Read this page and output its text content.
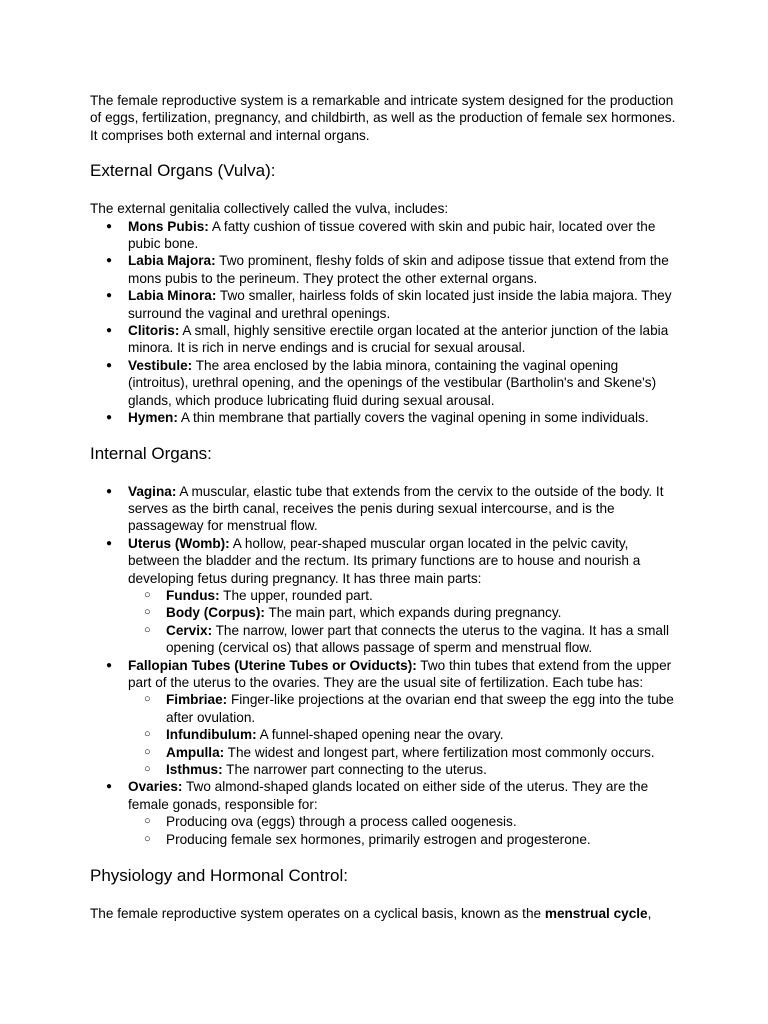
The female reproductive system is a remarkable and intricate system designed for the production of eggs, fertilization, pregnancy, and childbirth, as well as the production of female sex hormones. It comprises both external and internal organs.

External Organs (Vulva):

The external genitalia collectively called the vulva, includes:

● Mons Pubis: A fatty cushion of tissue covered with skin and pubic hair, located over the pubic bone.
● Labia Majora: Two prominent, fleshy folds of skin and adipose tissue that extend from the mons pubis to the perineum. They protect the other external organs.
● Labia Minora: Two smaller, hairless folds of skin located just inside the labia majora. They surround the vaginal and urethral openings.
● Clitoris: A small, highly sensitive erectile organ located at the anterior junction of the labia minora. It is rich in nerve endings and is crucial for sexual arousal.
● Vestibule: The area enclosed by the labia minora, containing the vaginal opening (introitus), urethral opening, and the openings of the vestibular (Bartholin's and Skene's) glands, which produce lubricating fluid during sexual arousal.
● Hymen: A thin membrane that partially covers the vaginal opening in some individuals.
Internal Organs:
● Vagina: A muscular, elastic tube that extends from the cervix to the outside of the body. It serves as the birth canal, receives the penis during sexual intercourse, and is the passageway for menstrual flow.
● Uterus (Womb): A hollow, pear-shaped muscular organ located in the pelvic cavity, between the bladder and the rectum. Its primary functions are to house and nourish a developing fetus during pregnancy. It has three main parts:
○ Fundus: The upper, rounded part.
○ Body (Corpus): The main part, which expands during pregnancy.
○ Cervix: The narrow, lower part that connects the uterus to the vagina. It has a small opening (cervical os) that allows passage of sperm and menstrual flow.
● Fallopian Tubes (Uterine Tubes or Oviducts): Two thin tubes that extend from the upper part of the uterus to the ovaries. They are the usual site of fertilization. Each tube has:
○ Fimbriae: Finger-like projections at the ovarian end that sweep the egg into the tube after ovulation.
○ Infundibulum: A funnel-shaped opening near the ovary.
○ Ampulla: The widest and longest part, where fertilization most commonly occurs.
○ Isthmus: The narrower part connecting to the uterus.
● Ovaries: Two almond-shaped glands located on either side of the uterus. They are the female gonads, responsible for:
○ Producing ova (eggs) through a process called oogenesis.
○ Producing female sex hormones, primarily estrogen and progesterone.
Physiology and Hormonal Control:

The female reproductive system operates on a cyclical basis, known as the menstrual cycle,
